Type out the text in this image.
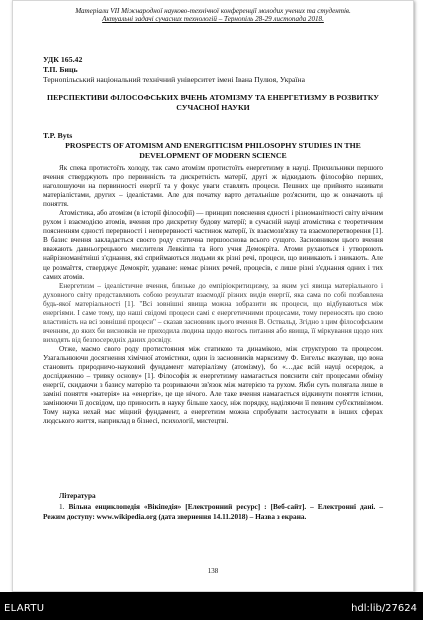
Матеріали VІI Міжнародної науково-технічної конференції молодих учених та студентів.
Актуальні задачі сучасних технологій – Тернопіль 28-29 листопада 2018.
УДК 165.42
Т.П. Биць
Тернопільський національний технічний університет імені Івана Пулюя, Україна
ПЕРСПЕКТИВИ ФІЛОСОФСЬКИХ ВЧЕНЬ АТОМІЗМУ ТА ЕНЕРГЕТИЗМУ В РОЗВИТКУ СУЧАСНОЇ НАУКИ
T.P. Byts
PROSPECTS OF ATOMISM AND ENERGITICISM PHILOSOPHY STUDIES IN THE DEVELOPMENT OF MODERN SCIENCE

Як спека протистоїть холоду, так само атомізм протистоїть енергетизму в науці. Прихильники першого вчення стверджують про первинність та дискретність матерії, другі ж відкидають філософію перших, наголошуючи на первинності енергії та у фокус уваги ставлять процеси. Пешних ще прийнято називати матеріалістами, других – ідеалістами. Але для початку варто детальніше роз'яснити, що ж означають ці поняття.

Атомістика, або атомізм (в історії філософії) — принцип пояснення єдності і різноманітності світу вічним рухом і взаємодією атомів, вчення про дискретну будову матерії; в сучасній науці атомістика є теоретичним поясненням єдності перервності і неперервності частинок матерії, їх взаємозв'язку та взаємоперетворення [1]. В базис вчення закладається своєго роду статична першооснова всього сущого. Засновником цього вчення вважають давньогрецького мислителя Левкіппа та його учня Демокріта. Атоми рухаються і утворюють найрізноманітніші з'єднання, які сприймаються людьми як різні речі, процеси, що виникають і зникають. Але це розмаїття, стверджує Демокріт, удаване: немає різних речей, процесів, є лише різні з'єднання одних і тих самих атомів.

Енергетизм – ідеалістичне вчення, близьке до емпіріокритицизму, за яким усі явища матеріального і духовного світу представляють собою результат взаємодії різних видів енергії, яка сама по собі позбавлена будь-якої матеріальності [1]. "Всі зовнішні явища можна зобразити як процеси, що відбуваються між енергіями. І саме тому, що наші свідомі процеси самі є енергетичними процесами, тому переносять цю свою властивість на всі зовнішні процеси" – сказав засновник цього вчення В. Оствальд. Згідно з цим філософським вченням, до яких би висновків не приходила людина щодо якогось питання або явища, її міркування щодо них виходять від безпосередніх даних досвіду.

Отже, маємо свого роду протистояння між статикою та динамікою, між структурою та процесом. Узагальнюючи досягнення хімічної атомістики, один із засновників марксизму Ф. Енгельс вказував, що вона становить природничо-науковий фундамент матеріалізму (атомізму), бо «…дає всій науці осередок, а дослідженню – тривку основу» [1]. Філософія ж енергетизму намагається пояснити світ процесами обміну енергії, скидаючи з базису матерію та розриваючи зв'язок між матерією та рухом. Якби суть полягала лише в заміні поняття «матерія» на «енергія», це ще нічого. Але таке вчення намагається відкинути поняття істини, замінюючи її досвідом, що приносить в науку більше хаосу, ніж порядку, наділяючи її певним суб'єктивізмом. Тому наука нехай має міцний фундамент, а енергетизм можна спробувати застосувати в інших сферах людського життя, наприклад в бізнесі, психології, мистецтві.

Література
1. Вільна енциклопедія «Вікіпедія» [Електронний ресурс] : [Веб-сайт]. – Електронні дані. – Режим доступу: www.wikipedia.org (дата звернення 14.11.2018) – Назва з екрана.
138
ELARTU	hdl:lib/27624
